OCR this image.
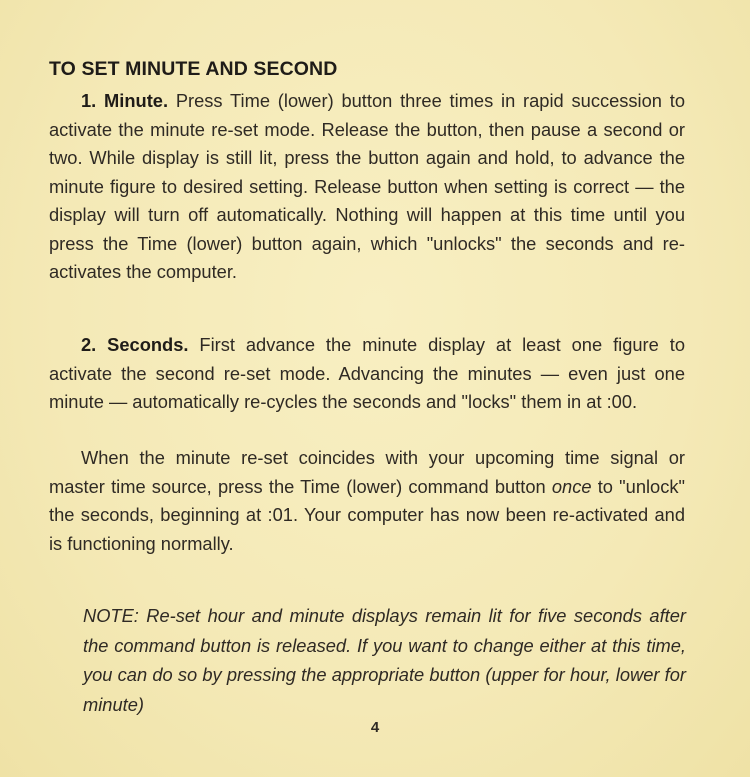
TO SET MINUTE AND SECOND
1. Minute. Press Time (lower) button three times in rapid succession to activate the minute re-set mode. Release the button, then pause a second or two. While display is still lit, press the button again and hold, to advance the minute figure to desired setting. Release button when setting is correct — the display will turn off automatically. Nothing will happen at this time until you press the Time (lower) button again, which "unlocks" the seconds and re-activates the computer.
2. Seconds. First advance the minute display at least one figure to activate the second re-set mode. Advancing the minutes — even just one minute — automatically re-cycles the seconds and "locks" them in at :00.
When the minute re-set coincides with your upcoming time signal or master time source, press the Time (lower) command button once to "unlock" the seconds, beginning at :01. Your computer has now been re-activated and is functioning normally.
NOTE: Re-set hour and minute displays remain lit for five seconds after the command button is released. If you want to change either at this time, you can do so by pressing the appropriate button (upper for hour, lower for minute)
4
